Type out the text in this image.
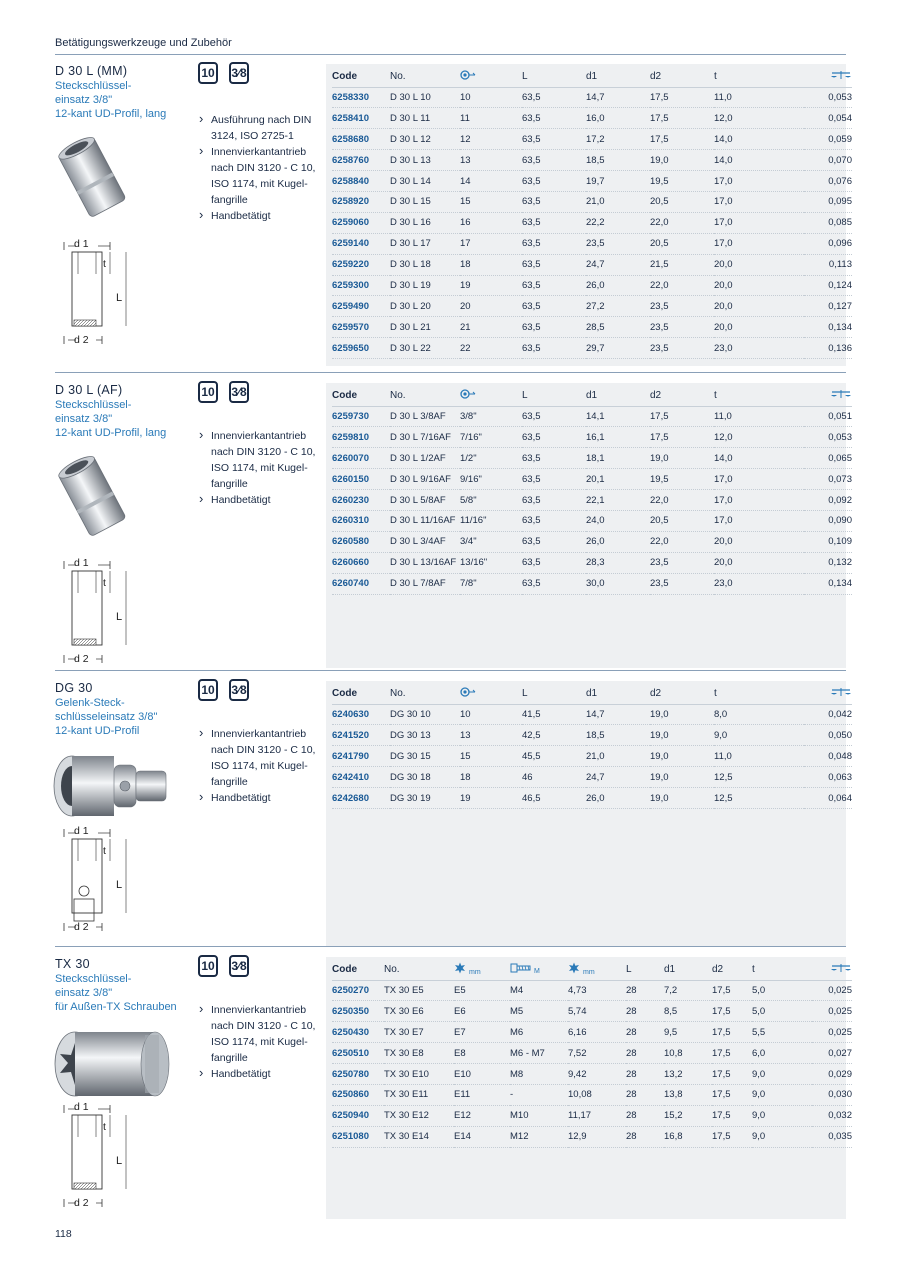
Betätigungswerkzeuge und Zubehör
D 30 L (MM)
Steckschlüssel-
einsatz 3/8"
12-kant UD-Profil, lang
10 3⁄8
› Ausführung nach DIN 3124, ISO 2725-1
› Innenvierkantantrieb nach DIN 3120 - C 10, ISO 1174, mit Kugel-fangrille
› Handbetätigt
d 1
t
L
d 2
Code	No.		L	d1	d2	t	
6258330	D 30 L 10	10	63,5	14,7	17,5	11,0	0,053
6258410	D 30 L 11	11	63,5	16,0	17,5	12,0	0,054
6258680	D 30 L 12	12	63,5	17,2	17,5	14,0	0,059
6258760	D 30 L 13	13	63,5	18,5	19,0	14,0	0,070
6258840	D 30 L 14	14	63,5	19,7	19,5	17,0	0,076
6258920	D 30 L 15	15	63,5	21,0	20,5	17,0	0,095
6259060	D 30 L 16	16	63,5	22,2	22,0	17,0	0,085
6259140	D 30 L 17	17	63,5	23,5	20,5	17,0	0,096
6259220	D 30 L 18	18	63,5	24,7	21,5	20,0	0,113
6259300	D 30 L 19	19	63,5	26,0	22,0	20,0	0,124
6259490	D 30 L 20	20	63,5	27,2	23,5	20,0	0,127
6259570	D 30 L 21	21	63,5	28,5	23,5	20,0	0,134
6259650	D 30 L 22	22	63,5	29,7	23,5	23,0	0,136
D 30 L (AF)
Steckschlüssel-
einsatz 3/8"
12-kant UD-Profil, lang
10 3⁄8
› Innenvierkantantrieb nach DIN 3120 - C 10, ISO 1174, mit Kugel-fangrille
› Handbetätigt
d 1
t
L
d 2
Code	No.		L	d1	d2	t	
6259730	D 30 L 3/8AF	3/8"	63,5	14,1	17,5	11,0	0,051
6259810	D 30 L 7/16AF	7/16"	63,5	16,1	17,5	12,0	0,053
6260070	D 30 L 1/2AF	1/2"	63,5	18,1	19,0	14,0	0,065
6260150	D 30 L 9/16AF	9/16"	63,5	20,1	19,5	17,0	0,073
6260230	D 30 L 5/8AF	5/8"	63,5	22,1	22,0	17,0	0,092
6260310	D 30 L 11/16AF	11/16"	63,5	24,0	20,5	17,0	0,090
6260580	D 30 L 3/4AF	3/4"	63,5	26,0	22,0	20,0	0,109
6260660	D 30 L 13/16AF	13/16"	63,5	28,3	23,5	20,0	0,132
6260740	D 30 L 7/8AF	7/8"	63,5	30,0	23,5	23,0	0,134
DG 30
Gelenk-Steck-
schlüsseleinsatz 3/8"
12-kant UD-Profil
10 3⁄8
› Innenvierkantantrieb nach DIN 3120 - C 10, ISO 1174, mit Kugel-fangrille
› Handbetätigt
d 1
t
L
d 2
Code	No.		L	d1	d2	t	
6240630	DG 30 10	10	41,5	14,7	19,0	8,0	0,042
6241520	DG 30 13	13	42,5	18,5	19,0	9,0	0,050
6241790	DG 30 15	15	45,5	21,0	19,0	11,0	0,048
6242410	DG 30 18	18	46	24,7	19,0	12,5	0,063
6242680	DG 30 19	19	46,5	26,0	19,0	12,5	0,064
TX 30
Steckschlüssel-
einsatz 3/8"
für Außen-TX Schrauben
10 3⁄8
› Innenvierkantantrieb nach DIN 3120 - C 10, ISO 1174, mit Kugel-fangrille
› Handbetätigt
d 1
t
L
d 2
Code	No.	mm	M	mm	L	d1	d2	t	
6250270	TX 30 E5	E5	M4	4,73	28	7,2	17,5	5,0	0,025
6250350	TX 30 E6	E6	M5	5,74	28	8,5	17,5	5,0	0,025
6250430	TX 30 E7	E7	M6	6,16	28	9,5	17,5	5,5	0,025
6250510	TX 30 E8	E8	M6 - M7	7,52	28	10,8	17,5	6,0	0,027
6250780	TX 30 E10	E10	M8	9,42	28	13,2	17,5	9,0	0,029
6250860	TX 30 E11	E11	-	10,08	28	13,8	17,5	9,0	0,030
6250940	TX 30 E12	E12	M10	11,17	28	15,2	17,5	9,0	0,032
6251080	TX 30 E14	E14	M12	12,9	28	16,8	17,5	9,0	0,035
118
